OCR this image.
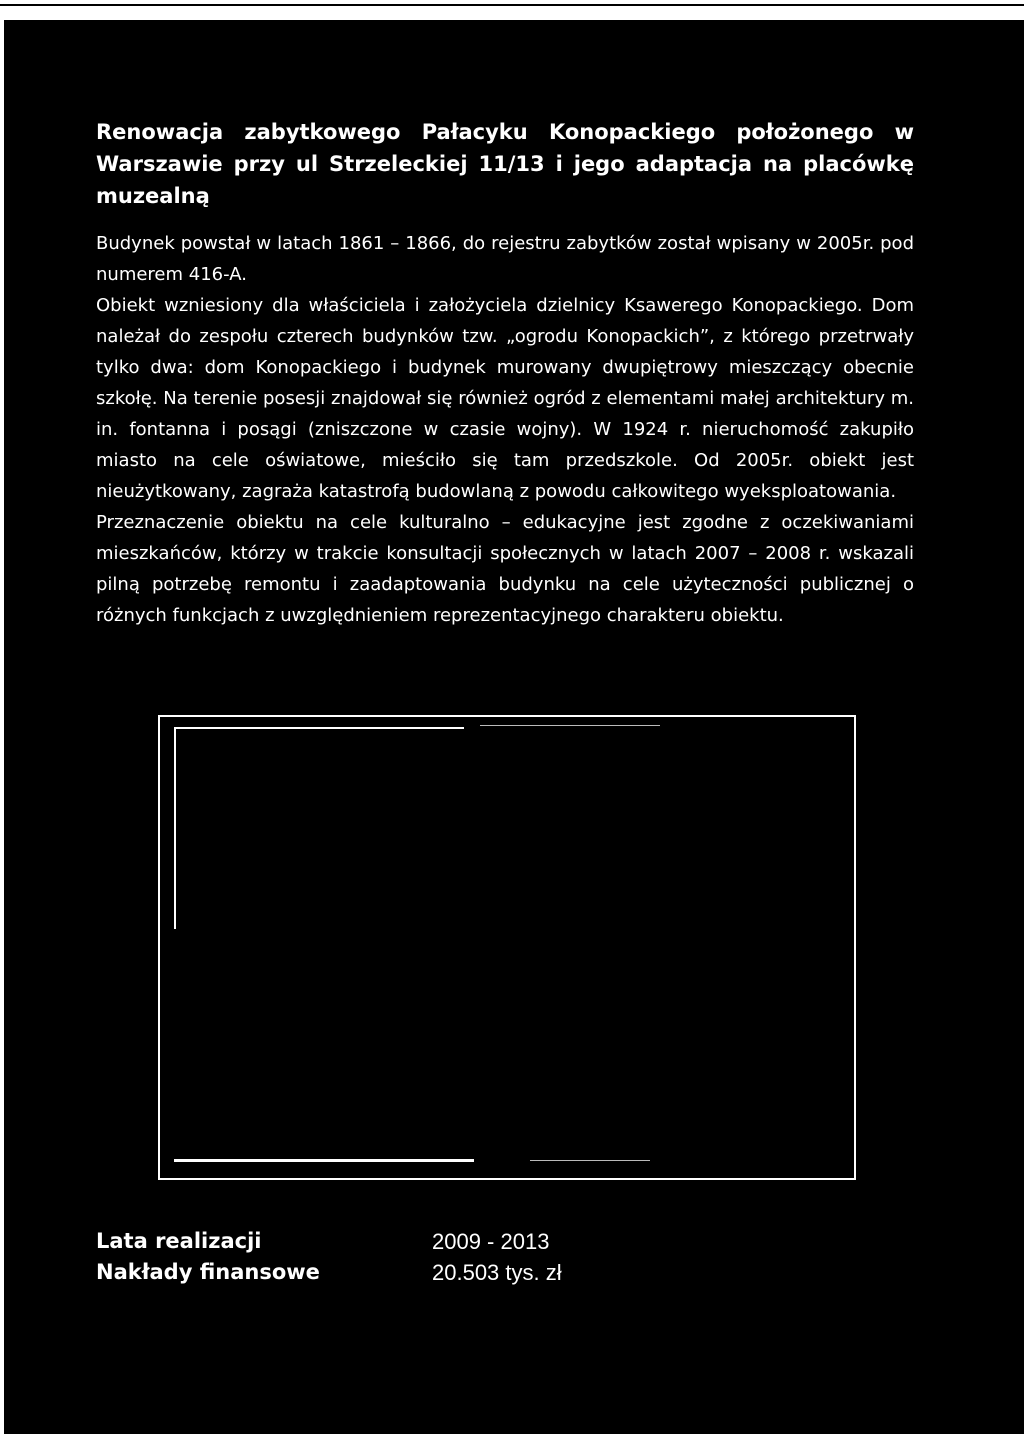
Renowacja zabytkowego Pałacyku Konopackiego położonego w Warszawie przy ul Strzeleckiej 11/13 i jego adaptacja na placówkę muzealną

Budynek powstał w latach 1861 – 1866, do rejestru zabytków został wpisany w 2005r. pod numerem 416-A.

Obiekt wzniesiony dla właściciela i założyciela dzielnicy Ksawerego Konopackiego. Dom należał do zespołu czterech budynków tzw. „ogrodu Konopackich”, z którego przetrwały tylko dwa: dom Konopackiego i budynek murowany dwupiętrowy mieszczący obecnie szkołę. Na terenie posesji znajdował się również ogród z elementami małej architektury m. in. fontanna i posągi (zniszczone w czasie wojny). W 1924 r. nieruchomość zakupiło miasto na cele oświatowe, mieściło się tam przedszkole. Od 2005r. obiekt jest nieużytkowany, zagraża katastrofą budowlaną z powodu całkowitego wyeksploatowania.

Przeznaczenie obiektu na cele kulturalno – edukacyjne jest zgodne z oczekiwaniami mieszkańców, którzy w trakcie konsultacji społecznych w latach 2007 – 2008 r. wskazali pilną potrzebę remontu i zaadaptowania budynku na cele użyteczności publicznej o różnych funkcjach z uwzględnieniem reprezentacyjnego charakteru obiektu.

Lata realizacji	2009 - 2013
Nakłady finansowe	20.503 tys. zł
